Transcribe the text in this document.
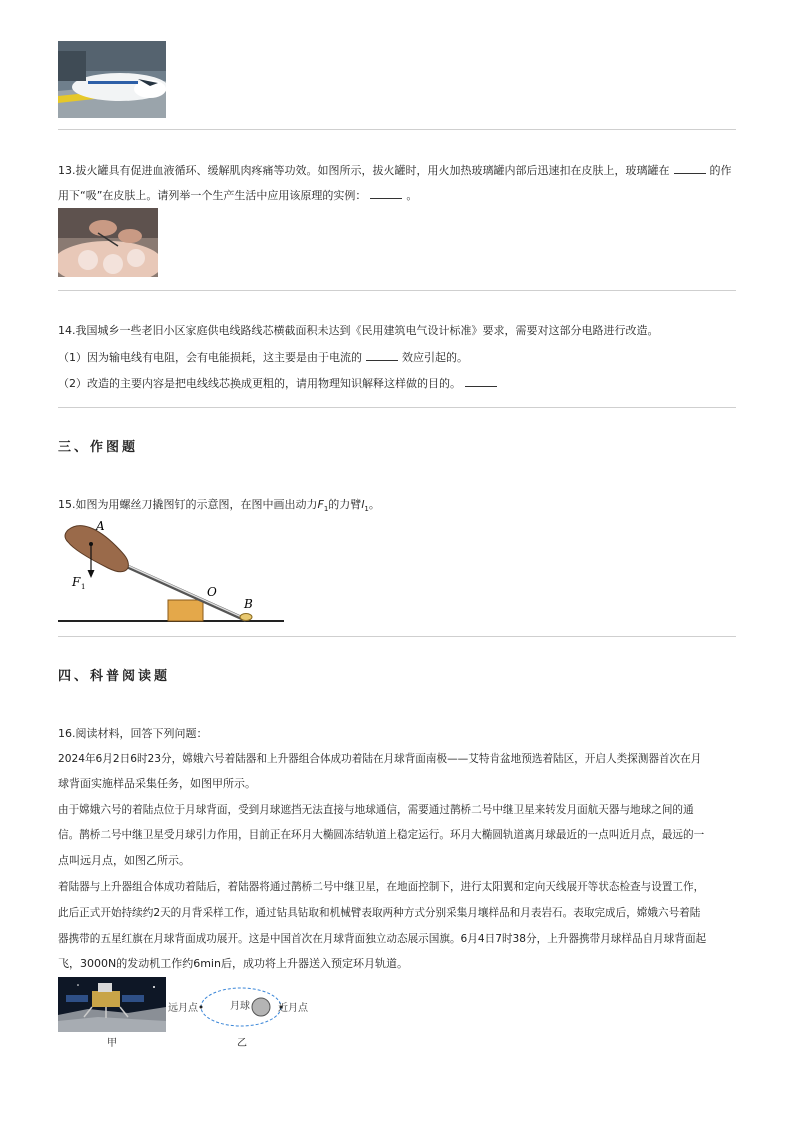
13.拔火罐具有促进血液循环、缓解肌肉疼痛等功效。如图所示，拔火罐时，用火加热玻璃罐内部后迅速扣在皮肤上，玻璃罐在	的作
用下“吸”在皮肤上。请列举一个生产生活中应用该原理的实例：	。
14.我国城乡一些老旧小区家庭供电线路线芯横截面积未达到《民用建筑电气设计标准》要求，需要对这部分电路进行改造。
（1）因为输电线有电阻，会有电能损耗，这主要是由于电流的	效应引起的。
（2）改造的主要内容是把电线线芯换成更粗的，请用物理知识解释这样做的目的。
三、作图题
15.如图为用螺丝刀撬图钉的示意图，在图中画出动力$F_1$的力臂$l_1$。
A
O
B
F 1
四、科普阅读题
16.阅读材料，回答下列问题：
2024年6月2日6时23分，嫦娥六号着陆器和上升器组合体成功着陆在月球背面南极——艾特肯盆地预选着陆区，开启人类探测器首次在月
球背面实施样品采集任务，如图甲所示。
由于嫦娥六号的着陆点位于月球背面，受到月球遮挡无法直接与地球通信，需要通过鹊桥二号中继卫星来转发月面航天器与地球之间的通
信。鹊桥二号中继卫星受月球引力作用，目前正在环月大椭圆冻结轨道上稳定运行。环月大椭圆轨道离月球最近的一点叫近月点，最远的一
点叫远月点，如图乙所示。
着陆器与上升器组合体成功着陆后，着陆器将通过鹊桥二号中继卫星，在地面控制下，进行太阳翼和定向天线展开等状态检查与设置工作，
此后正式开始持续约2天的月背采样工作，通过钻具钻取和机械臂表取两种方式分别采集月壤样品和月表岩石。表取完成后，嫦娥六号着陆
器携带的五星红旗在月球背面成功展开。这是中国首次在月球背面独立动态展示国旗。6月4日7时38分，上升器携带月球样品自月球背面起
飞，3000N的发动机工作约6min后，成功将上升器送入预定环月轨道。
甲
远月点	近月点
月球
乙
